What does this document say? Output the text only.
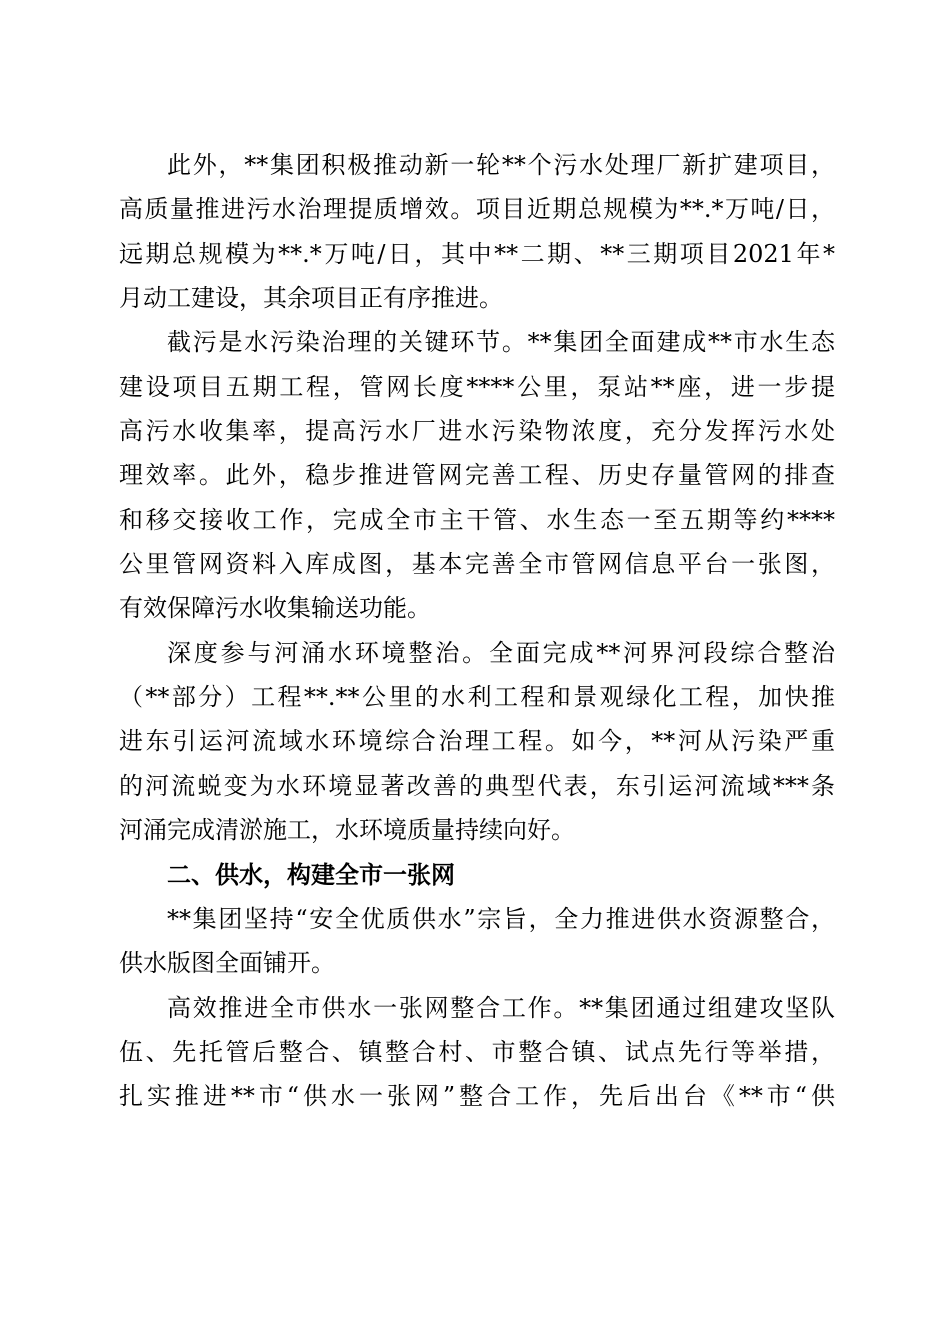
此外，**集团积极推动新一轮**个污水处理厂新扩建项目，
高质量推进污水治理提质增效。项目近期总规模为**.*万吨/日，
远期总规模为**.*万吨/日，其中**二期、**三期项目2021年*
月动工建设，其余项目正有序推进。
截污是水污染治理的关键环节。**集团全面建成**市水生态
建设项目五期工程，管网长度****公里，泵站**座，进一步提
高污水收集率，提高污水厂进水污染物浓度，充分发挥污水处
理效率。此外，稳步推进管网完善工程、历史存量管网的排查
和移交接收工作，完成全市主干管、水生态一至五期等约****
公里管网资料入库成图，基本完善全市管网信息平台一张图，
有效保障污水收集输送功能。
深度参与河涌水环境整治。全面完成**河界河段综合整治
（**部分）工程**.**公里的水利工程和景观绿化工程，加快推
进东引运河流域水环境综合治理工程。如今，**河从污染严重
的河流蜕变为水环境显著改善的典型代表，东引运河流域***条
河涌完成清淤施工，水环境质量持续向好。
二、供水，构建全市一张网
**集团坚持“安全优质供水”宗旨，全力推进供水资源整合，
供水版图全面铺开。
高效推进全市供水一张网整合工作。**集团通过组建攻坚队
伍、先托管后整合、镇整合村、市整合镇、试点先行等举措，
扎实推进**市“供水一张网”整合工作，先后出台《**市“供
